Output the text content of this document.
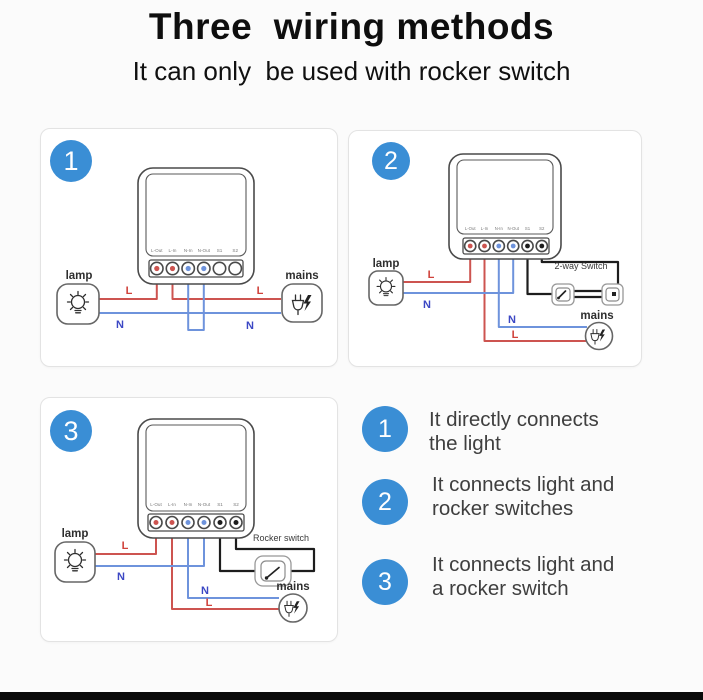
Three  wiring methods
It can only  be used with rocker switch
1
L-Out L-In N-In N-Out S1 S2
lamp	mains
L	L
N	N
2
L-Out L-In N-In N-Out S1 S2
lamp	2-way Switch
mains
L
N
N
L
3
L-Out L-In N-In N-Out S1 S2
lamp	Rocker switch
mains
L
N
N
L
1	It directly connects
the light
2
It connects light and
rocker switches
3
It connects light and
a rocker switch
